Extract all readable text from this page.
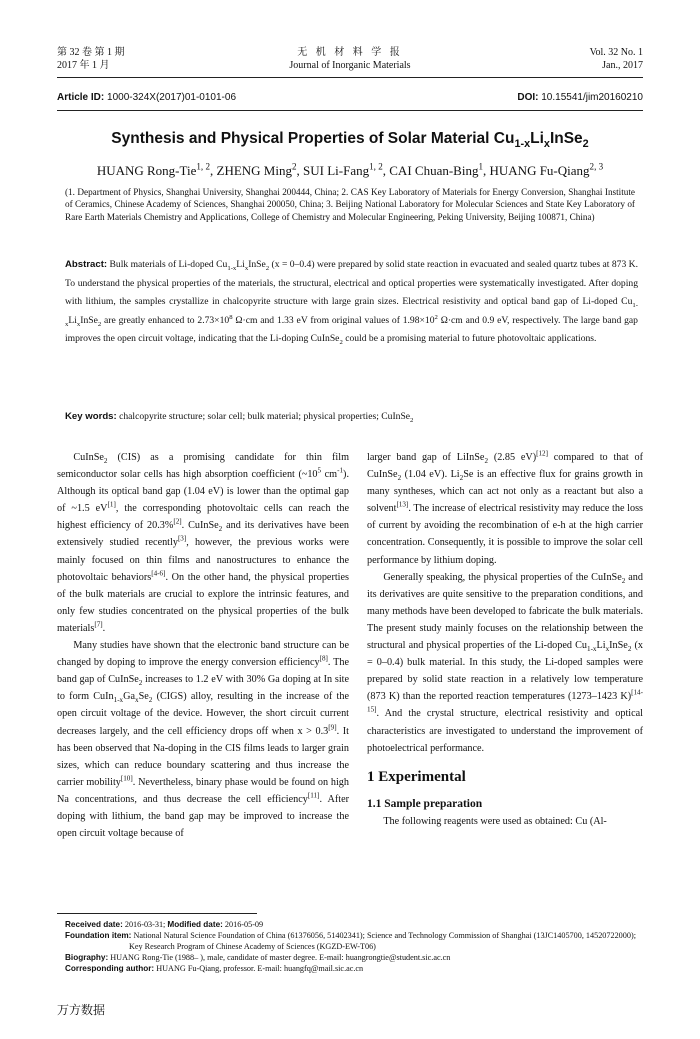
第 32 卷 第 1 期
2017 年 1 月
无 机 材 料 学 报
Journal of Inorganic Materials
Vol. 32 No. 1
Jan., 2017
Article ID: 1000-324X(2017)01-0101-06	DOI: 10.15541/jim20160210
Synthesis and Physical Properties of Solar Material $Cu_{1-x}Li_xInSe_2$
HUANG Rong-Tie$^{1, 2}$, ZHENG Ming$^2$, SUI Li-Fang$^{1, 2}$, CAI Chuan-Bing$^1$, HUANG Fu-Qiang$^{2, 3}$
(1. Department of Physics, Shanghai University, Shanghai 200444, China; 2. CAS Key Laboratory of Materials for Energy Conversion, Shanghai Institute of Ceramics, Chinese Academy of Sciences, Shanghai 200050, China; 3. Beijing National Laboratory for Molecular Sciences and State Key Laboratory of Rare Earth Materials Chemistry and Applications, College of Chemistry and Molecular Engineering, Peking University, Beijing 100871, China)
Abstract: Bulk materials of Li-doped $Cu_{1-x}Li_xInSe_2$ (x = 0–0.4) were prepared by solid state reaction in evacuated and sealed quartz tubes at 873 K. To understand the physical properties of the materials, the structural, electrical and optical properties were systematically investigated. After doping with lithium, the samples crystallize in chalcopyrite structure with large grain sizes. Electrical resistivity and optical band gap of Li-doped $Cu_{1-x}Li_xInSe_2$ are greatly enhanced to $2.73\times 10^8$ Ω·cm and 1.33 eV from original values of $1.98\times 10^2$ Ω·cm and 0.9 eV, respectively. The large band gap improves the open circuit voltage, indicating that the Li-doping CuInSe$_2$ could be a promising material to future photovoltaic applications.
Key words: chalcopyrite structure; solar cell; bulk material; physical properties; CuInSe$_2$

CuInSe$_2$ (CIS) as a promising candidate for thin film semiconductor solar cells has high absorption coefficient ($\sim 10^5$ $cm^{-1}$). Although its optical band gap (1.04 eV) is lower than the optimal gap of ~1.5 eV[1], the corresponding photovoltaic cells can reach the highest efficiency of 20.3%[2]. CuInSe$_2$ and its derivatives have been extensively studied recently[3], however, the previous works were mainly focused on thin films and nanostructures to enhance the photovoltaic behaviors[4-6]. On the other hand, the physical properties of the bulk materials are crucial to explore the intrinsic features, and only few studies concentrated on the physical properties of the bulk materials[7].

Many studies have shown that the electronic band structure can be changed by doping to improve the energy conversion efficiency[8]. The band gap of CuInSe$_2$ increases to 1.2 eV with 30% Ga doping at In site to form $CuIn_{1-x}Ga_xSe_2$ (CIGS) alloy, resulting in the increase of the open circuit voltage of the device. However, the short circuit current decreases largely, and the cell efficiency drops off when x > 0.3[9]. It has been observed that Na-doping in the CIS films leads to larger grain sizes, which can reduce boundary scattering and thus increase the carrier mobility[10]. Nevertheless, binary phase would be found on high Na concentrations, and thus decrease the cell efficiency[11]. After doping with lithium, the band gap may be improved to increase the open circuit voltage because of

larger band gap of LiInSe$_2$ (2.85 eV)[12] compared to that of CuInSe$_2$ (1.04 eV). $Li_2Se$ is an effective flux for grains growth in many syntheses, which can act not only as a reactant but also a solvent[13]. The increase of electrical resistivity may reduce the loss of current by avoiding the recombination of e-h at the high carrier concentration. Consequently, it is possible to improve the solar cell performance by lithium doping.

Generally speaking, the physical properties of the CuInSe$_2$ and its derivatives are quite sensitive to the preparation conditions, and many methods have been developed to fabricate the bulk materials. The present study mainly focuses on the relationship between the structural and physical properties of the Li-doped $Cu_{1-x}Li_xInSe_2$ (x = 0–0.4) bulk material. In this study, the Li-doped samples were prepared by solid state reaction in a relatively low temperature (873 K) than the reported reaction temperatures (1273–1423 K)[14-15]. And the crystal structure, electrical resistivity and optical characteristics are investigated to understand the improvement of photoelectrical performance.

1 Experimental
1.1 Sample preparation

The following reagents were used as obtained: Cu (Al-

Received date: 2016-03-31; Modified date: 2016-05-09
Foundation item: National Natural Science Foundation of China (61376056, 51402341); Science and Technology Commission of Shanghai (13JC1405700, 14520722000); Key Research Program of Chinese Academy of Sciences (KGZD-EW-T06)
Biography: HUANG Rong-Tie (1988– ), male, candidate of master degree. E-mail: huangrongtie@student.sic.ac.cn
Corresponding author: HUANG Fu-Qiang, professor. E-mail: huangfq@mail.sic.ac.cn
万方数据
